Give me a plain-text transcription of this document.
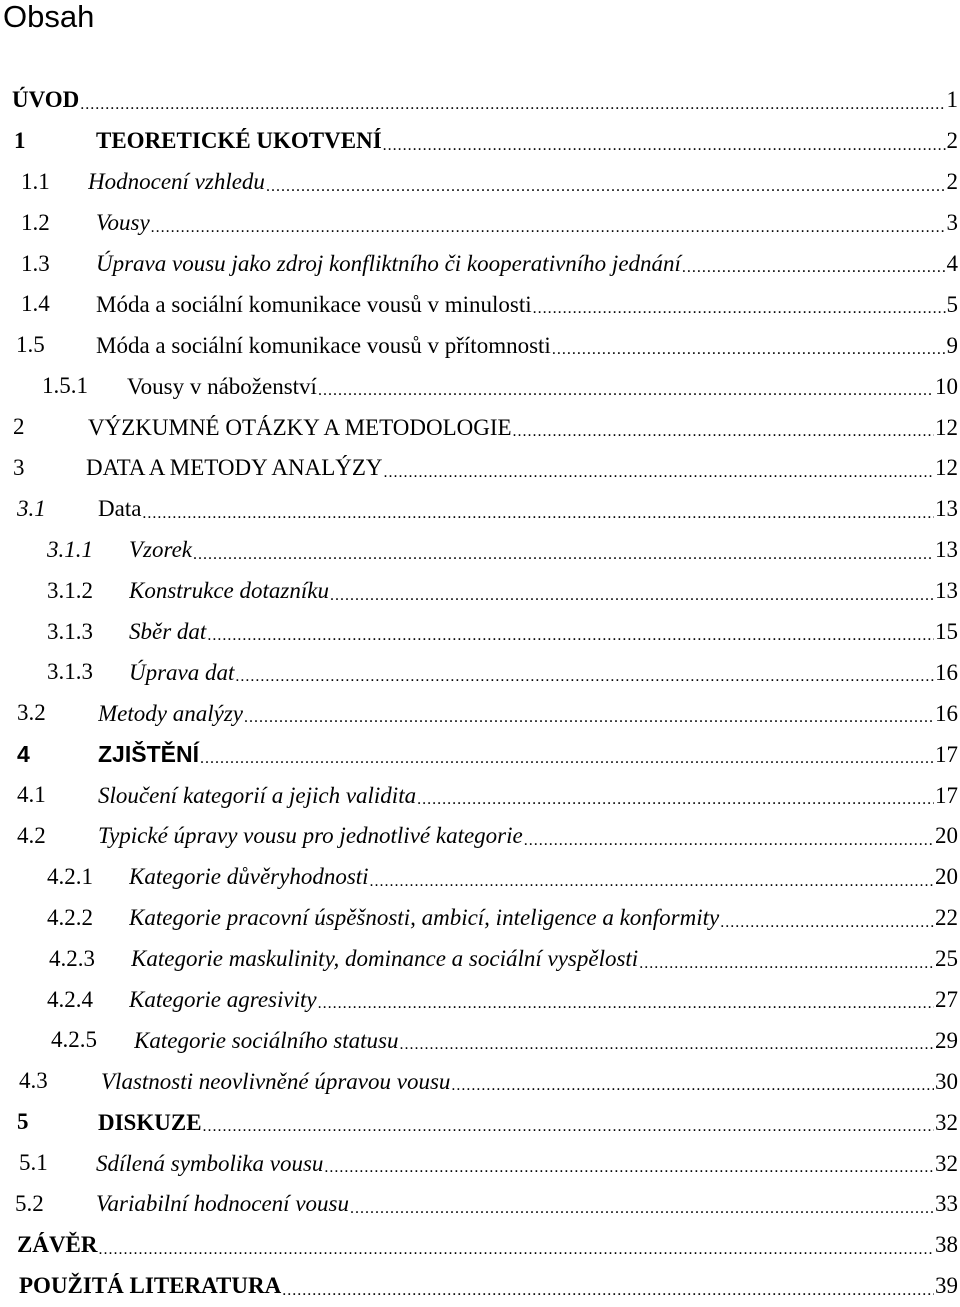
Obsah
ÚVOD .....	1
1	TEORETICKÉ UKOTVENÍ .....	2
1.1 Hodnocení vzhledu .....	2
1.2 Vousy .....	3
1.3 Úprava vousu jako zdroj konfliktního či kooperativního jednání .....	4
1.4 Móda a sociální komunikace vousů v minulosti .....	5
1.5 Móda a sociální komunikace vousů v přítomnosti .....	9
1.5.1 Vousy v náboženství .....	10
2	VÝZKUMNÉ OTÁZKY A METODOLOGIE .....	12
3	DATA A METODY ANALÝZY .....	12
3.1 Data .....	13
3.1.1 Vzorek .....	13
3.1.2 Konstrukce dotazníku .....	13
3.1.3 Sběr dat .....	15
3.1.3 Úprava dat .....	16
3.2 Metody analýzy .....	16
4	ZJIŠTĚNÍ .....	17
4.1 Sloučení kategorií a jejich validita .....	17
4.2 Typické úpravy vousu pro jednotlivé kategorie .....	20
4.2.1 Kategorie důvěryhodnosti .....	20
4.2.2 Kategorie pracovní úspěšnosti, ambicí, inteligence a konformity .....	22
4.2.3 Kategorie maskulinity, dominance a sociální vyspělosti .....	25
4.2.4 Kategorie agresivity .....	27
4.2.5 Kategorie sociálního statusu .....	29
4.3 Vlastnosti neovlivněné úpravou vousu .....	30
5	DISKUZE .....	32
5.1 Sdílená symbolika vousu .....	32
5.2 Variabilní hodnocení vousu .....	33
ZÁVĚR .....	38
POUŽITÁ LITERATURA .....	39
